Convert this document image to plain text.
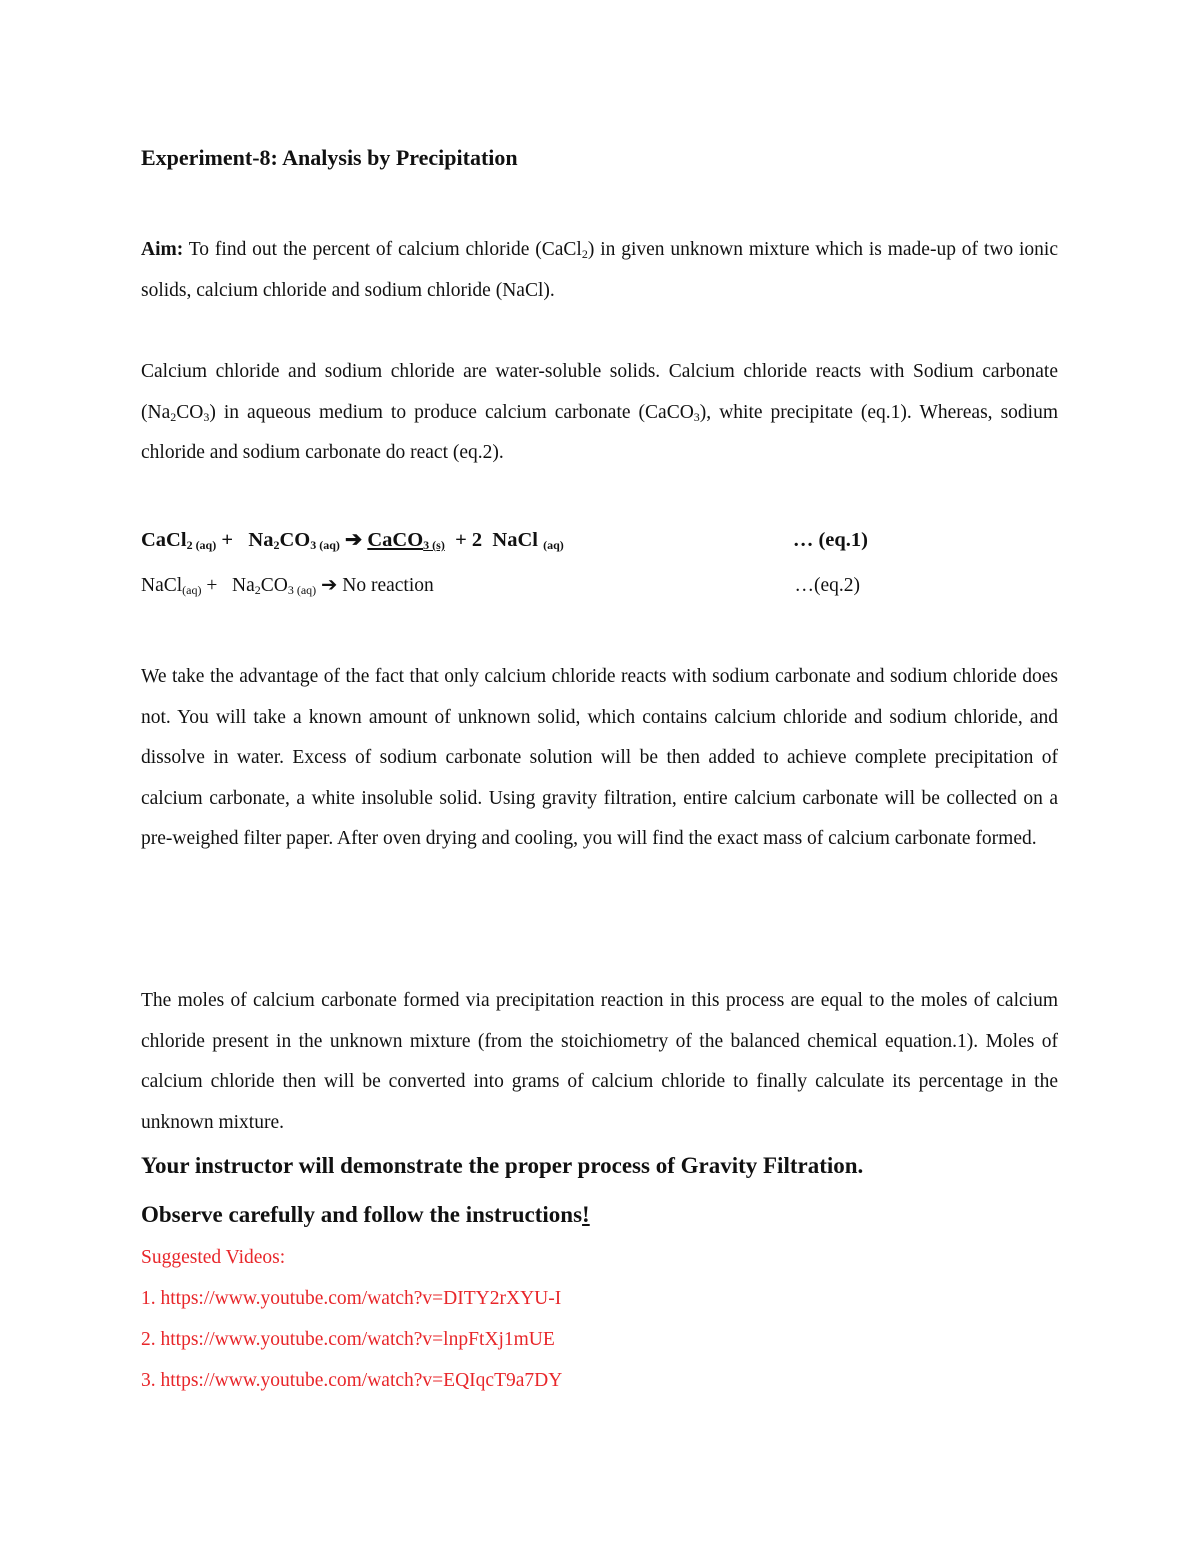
Experiment-8: Analysis by Precipitation

Aim: To find out the percent of calcium chloride (CaCl$_2$) in given unknown mixture which is made-up of two ionic solids, calcium chloride and sodium chloride (NaCl).

Calcium chloride and sodium chloride are water-soluble solids. Calcium chloride reacts with Sodium carbonate $(Na_2CO_3)$ in aqueous medium to produce calcium carbonate (CaCO$_3$), white precipitate (eq.1). Whereas, sodium chloride and sodium carbonate do react (eq.2).

CaCl$_{2 (aq)}$ +   $Na_2CO_{3 (aq)}$ ➔ CaCO$_{3 (s)}$  + 2  NaCl $_{(aq)}$	… (eq.1)
NaCl$_{(aq)}$ +   $Na_2CO_{3 (aq)}$ ➔ No reaction	…(eq.2)

We take the advantage of the fact that only calcium chloride reacts with sodium carbonate and sodium chloride does not. You will take a known amount of unknown solid, which contains calcium chloride and sodium chloride, and dissolve in water. Excess of sodium carbonate solution will be then added to achieve complete precipitation of calcium carbonate, a white insoluble solid. Using gravity filtration, entire calcium carbonate will be collected on a pre-weighed filter paper. After oven drying and cooling, you will find the exact mass of calcium carbonate formed.

The moles of calcium carbonate formed via precipitation reaction in this process are equal to the moles of calcium chloride present in the unknown mixture (from the stoichiometry of the balanced chemical equation.1). Moles of calcium chloride then will be converted into grams of calcium chloride to finally calculate its percentage in the unknown mixture.

Your instructor will demonstrate the proper process of Gravity Filtration.
Observe carefully and follow the instructions!
Suggested Videos:
1. https://www.youtube.com/watch?v=DITY2rXYU-I
2. https://www.youtube.com/watch?v=lnpFtXj1mUE
3. https://www.youtube.com/watch?v=EQIqcT9a7DY
